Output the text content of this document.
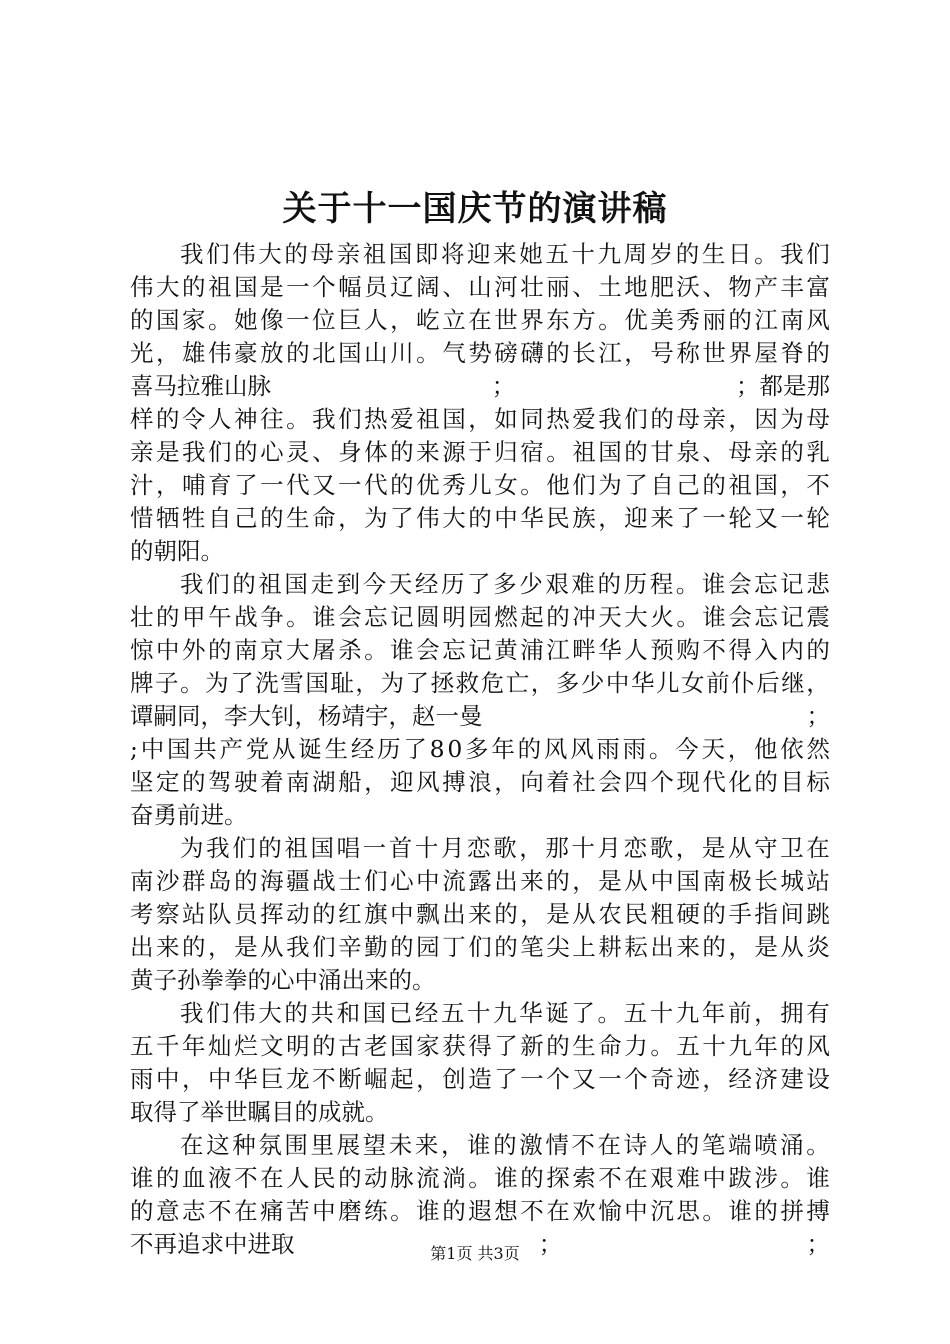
关于十一国庆节的演讲稿
我 们 伟 大 的 母 亲 祖 国 即 将 迎 来 她 五 十 九 周 岁 的 生 日 。 我 们
伟 大 的 祖 国 是 一 个 幅 员 辽 阔 、 山 河 壮 丽 、 土 地 肥 沃 、 物 产 丰 富
的 国 家 。 她 像 一 位 巨 人 ， 屹 立 在 世 界 东 方 。 优 美 秀 丽 的 江 南 风
光 ， 雄 伟 豪 放 的 北 国 山 川 。 气 势 磅 礴 的 长 江 ， 号 称 世 界 屋 脊 的
喜马拉雅山脉	；	；都是那
样 的 令 人 神 往 。 我 们 热 爱 祖 国 ， 如 同 热 爱 我 们 的 母 亲 ， 因 为 母
亲 是 我 们 的 心 灵 、 身 体 的 来 源 于 归 宿 。 祖 国 的 甘 泉 、 母 亲 的 乳
汁 ， 哺 育 了 一 代 又 一 代 的 优 秀 儿 女 。 他 们 为 了 自 己 的 祖 国 ， 不
惜 牺 牲 自 己 的 生 命 ， 为 了 伟 大 的 中 华 民 族 ， 迎 来 了 一 轮 又 一 轮
的 朝 阳 。
我 们 的 祖 国 走 到 今 天 经 历 了 多 少 艰 难 的 历 程 。 谁 会 忘 记 悲
壮 的 甲 午 战 争 。 谁 会 忘 记 圆 明 园 燃 起 的 冲 天 大 火 。 谁 会 忘 记 震
惊 中 外 的 南 京 大 屠 杀 。 谁 会 忘 记 黄 浦 江 畔 华 人 预 购 不 得 入 内 的
牌 子 。 为 了 洗 雪 国 耻 ， 为 了 拯 救 危 亡 ， 多 少 中 华 儿 女 前 仆 后 继 ，
谭嗣同，李大钊，杨靖宇，赵一曼	；
; 中 国 共 产 党 从 诞 生 经 历 了 8 0 多 年 的 风 风 雨 雨 。 今 天 ， 他 依 然
坚 定 的 驾 驶 着 南 湖 船 ， 迎 风 搏 浪 ， 向 着 社 会 四 个 现 代 化 的 目 标
奋 勇 前 进 。
为 我 们 的 祖 国 唱 一 首 十 月 恋 歌 ， 那 十 月 恋 歌 ， 是 从 守 卫 在
南 沙 群 岛 的 海 疆 战 士 们 心 中 流 露 出 来 的 ， 是 从 中 国 南 极 长 城 站
考 察 站 队 员 挥 动 的 红 旗 中 飘 出 来 的 ， 是 从 农 民 粗 硬 的 手 指 间 跳
出 来 的 ， 是 从 我 们 辛 勤 的 园 丁 们 的 笔 尖 上 耕 耘 出 来 的 ， 是 从 炎
黄 子 孙 拳 拳 的 心 中 涌 出 来 的 。
我 们 伟 大 的 共 和 国 已 经 五 十 九 华 诞 了 。 五 十 九 年 前 ， 拥 有
五 千 年 灿 烂 文 明 的 古 老 国 家 获 得 了 新 的 生 命 力 。 五 十 九 年 的 风
雨 中 ， 中 华 巨 龙 不 断 崛 起 ， 创 造 了 一 个 又 一 个 奇 迹 ， 经 济 建 设
取 得 了 举 世 瞩 目 的 成 就 。
在 这 种 氛 围 里 展 望 未 来 ， 谁 的 激 情 不 在 诗 人 的 笔 端 喷 涌 。
谁 的 血 液 不 在 人 民 的 动 脉 流 淌 。 谁 的 探 索 不 在 艰 难 中 跋 涉 。 谁
的 意 志 不 在 痛 苦 中 磨 练 。 谁 的 遐 想 不 在 欢 愉 中 沉 思 。 谁 的 拼 搏
不再追求中进取	；	；
第1页 共3页
